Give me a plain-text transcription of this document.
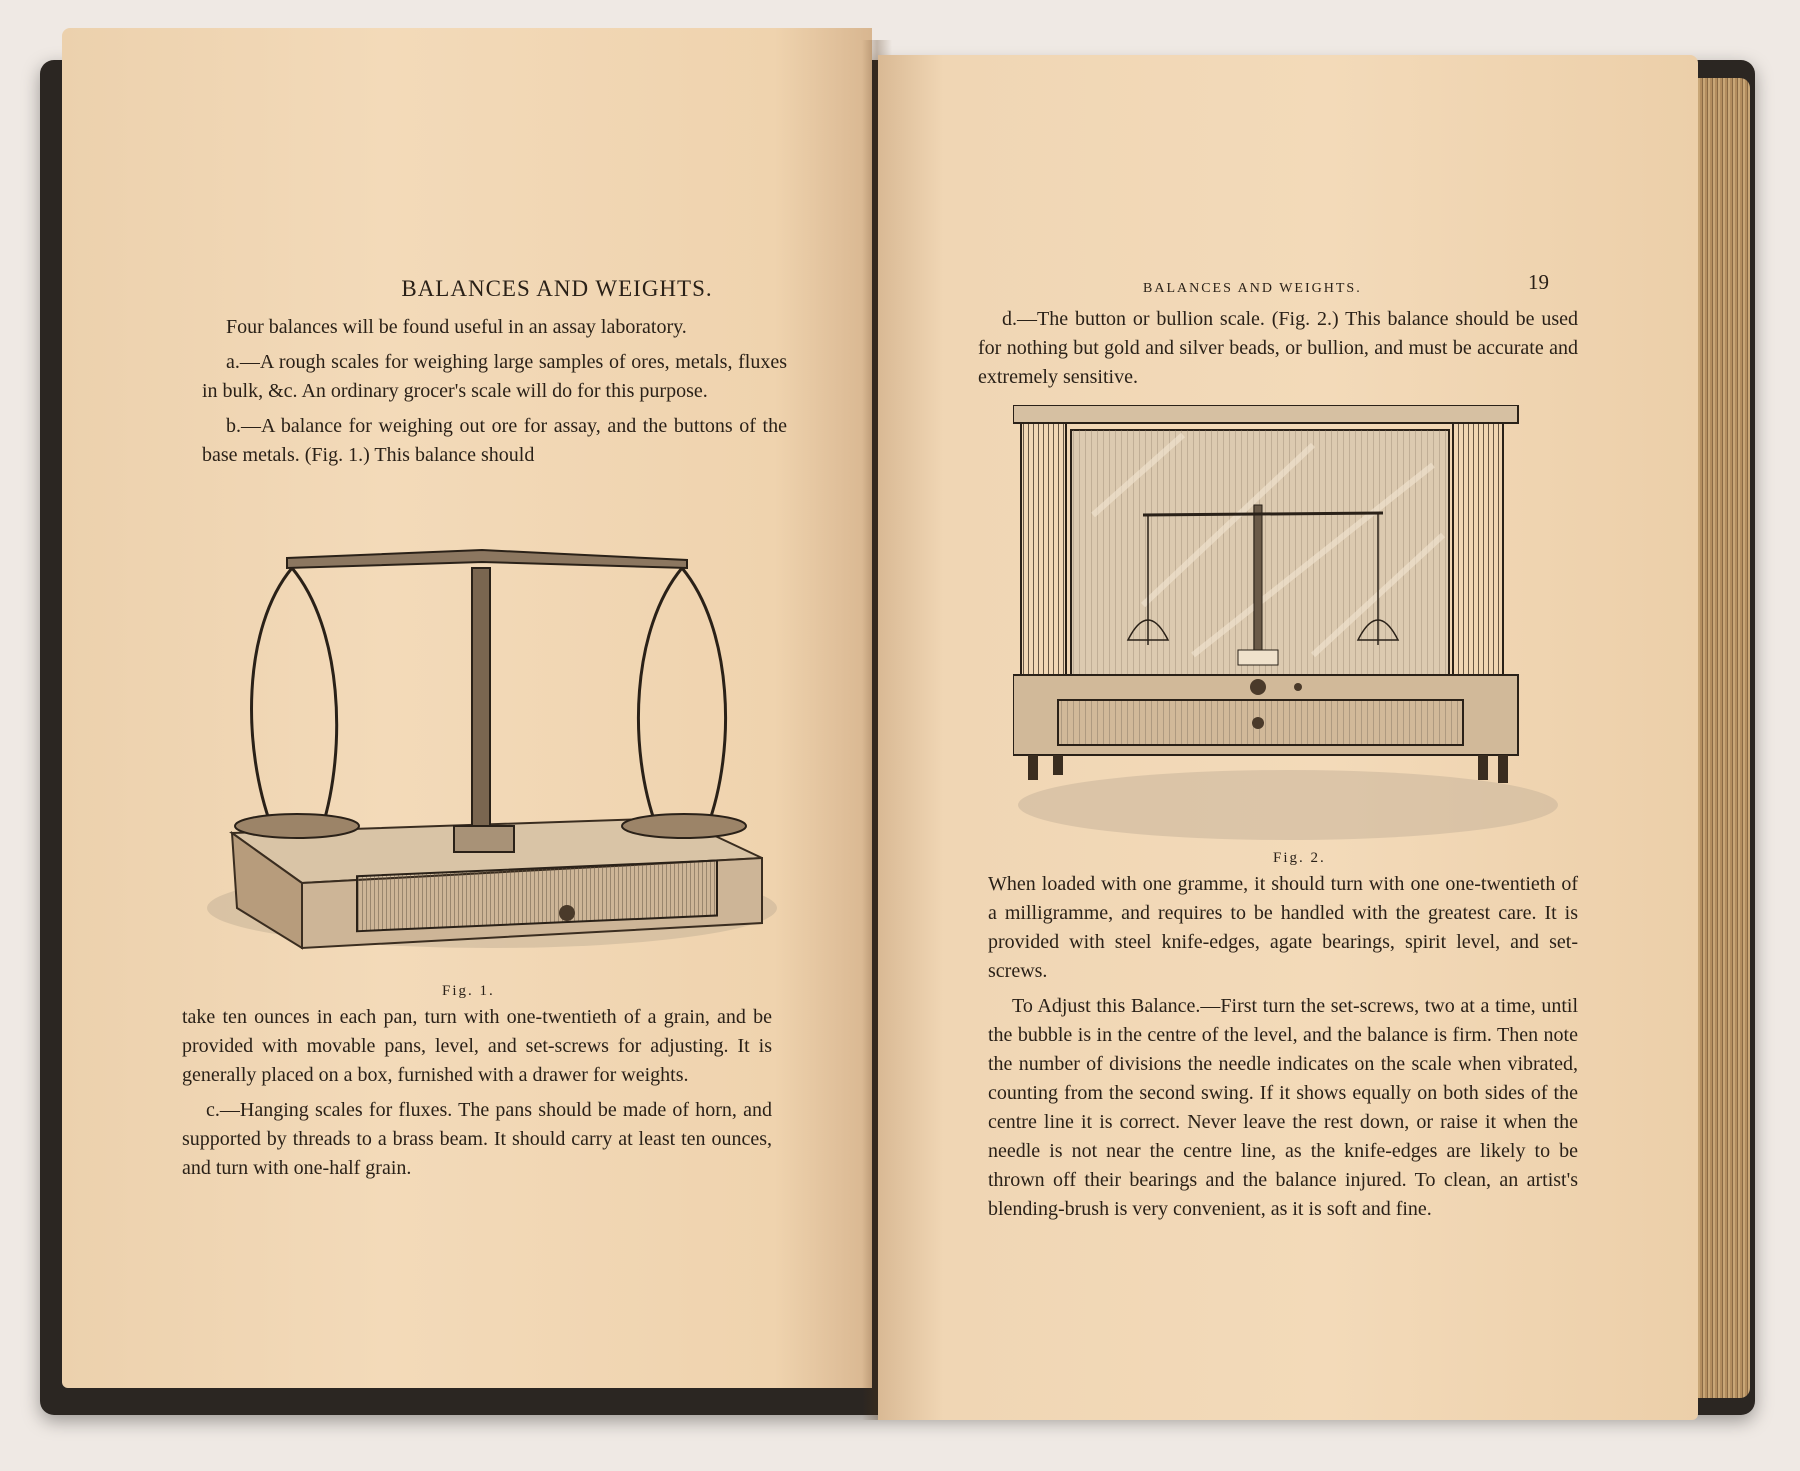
BALANCES AND WEIGHTS.

Four balances will be found useful in an assay laboratory.

a.—A rough scales for weighing large samples of ores, metals, fluxes in bulk, &c. An ordinary grocer's scale will do for this purpose.

b.—A balance for weighing out ore for assay, and the buttons of the base metals. (Fig. 1.) This balance should

Fig. 1.

take ten ounces in each pan, turn with one-twentieth of a grain, and be provided with movable pans, level, and set-screws for adjusting. It is generally placed on a box, furnished with a drawer for weights.

c.—Hanging scales for fluxes. The pans should be made of horn, and supported by threads to a brass beam. It should carry at least ten ounces, and turn with one-half grain.

BALANCES AND WEIGHTS.	19

d.—The button or bullion scale. (Fig. 2.) This balance should be used for nothing but gold and silver beads, or bullion, and must be accurate and extremely sensitive.

Fig. 2.

When loaded with one gramme, it should turn with one one-twentieth of a milligramme, and requires to be handled with the greatest care. It is provided with steel knife-edges, agate bearings, spirit level, and set-screws.

To Adjust this Balance.—First turn the set-screws, two at a time, until the bubble is in the centre of the level, and the balance is firm. Then note the number of divisions the needle indicates on the scale when vibrated, counting from the second swing. If it shows equally on both sides of the centre line it is correct. Never leave the rest down, or raise it when the needle is not near the centre line, as the knife-edges are likely to be thrown off their bearings and the balance injured. To clean, an artist's blending-brush is very convenient, as it is soft and fine.
